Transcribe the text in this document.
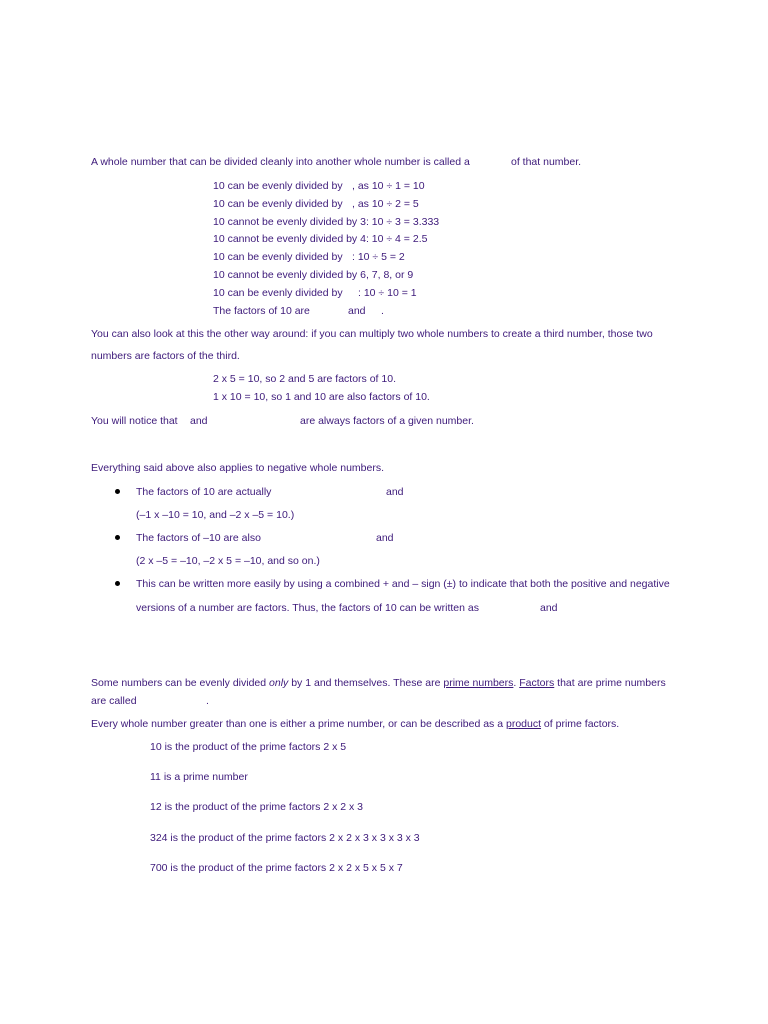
A whole number that can be divided cleanly into another whole number is called a	of that number.
10 can be evenly divided by , as 10 ÷ 1 = 10
10 can be evenly divided by , as 10 ÷ 2 = 5
10 cannot be evenly divided by 3: 10 ÷ 3 = 3.333
10 cannot be evenly divided by 4: 10 ÷ 4 = 2.5
10 can be evenly divided by : 10 ÷ 5 = 2
10 cannot be evenly divided by 6, 7, 8, or 9
10 can be evenly divided by : 10 ÷ 10 = 1
The factors of 10 are	and .
You can also look at this the other way around: if you can multiply two whole numbers to create a third number, those two
numbers are factors of the third.
2 x 5 = 10, so 2 and 5 are factors of 10.
1 x 10 = 10, so 1 and 10 are also factors of 10.
You will notice that and	are always factors of a given number.
Everything said above also applies to negative whole numbers.
The factors of 10 are actually	and
(–1 x –10 = 10, and –2 x –5 = 10.)
The factors of –10 are also	and
(2 x –5 = –10, –2 x 5 = –10, and so on.)
This can be written more easily by using a combined + and – sign (±) to indicate that both the positive and negative
versions of a number are factors. Thus, the factors of 10 can be written as	and
Some numbers can be evenly divided only by 1 and themselves. These are prime numbers. Factors that are prime numbers
are called	.
Every whole number greater than one is either a prime number, or can be described as a product of prime factors.
10 is the product of the prime factors 2 x 5
11 is a prime number
12 is the product of the prime factors 2 x 2 x 3
324 is the product of the prime factors 2 x 2 x 3 x 3 x 3 x 3
700 is the product of the prime factors 2 x 2 x 5 x 5 x 7
